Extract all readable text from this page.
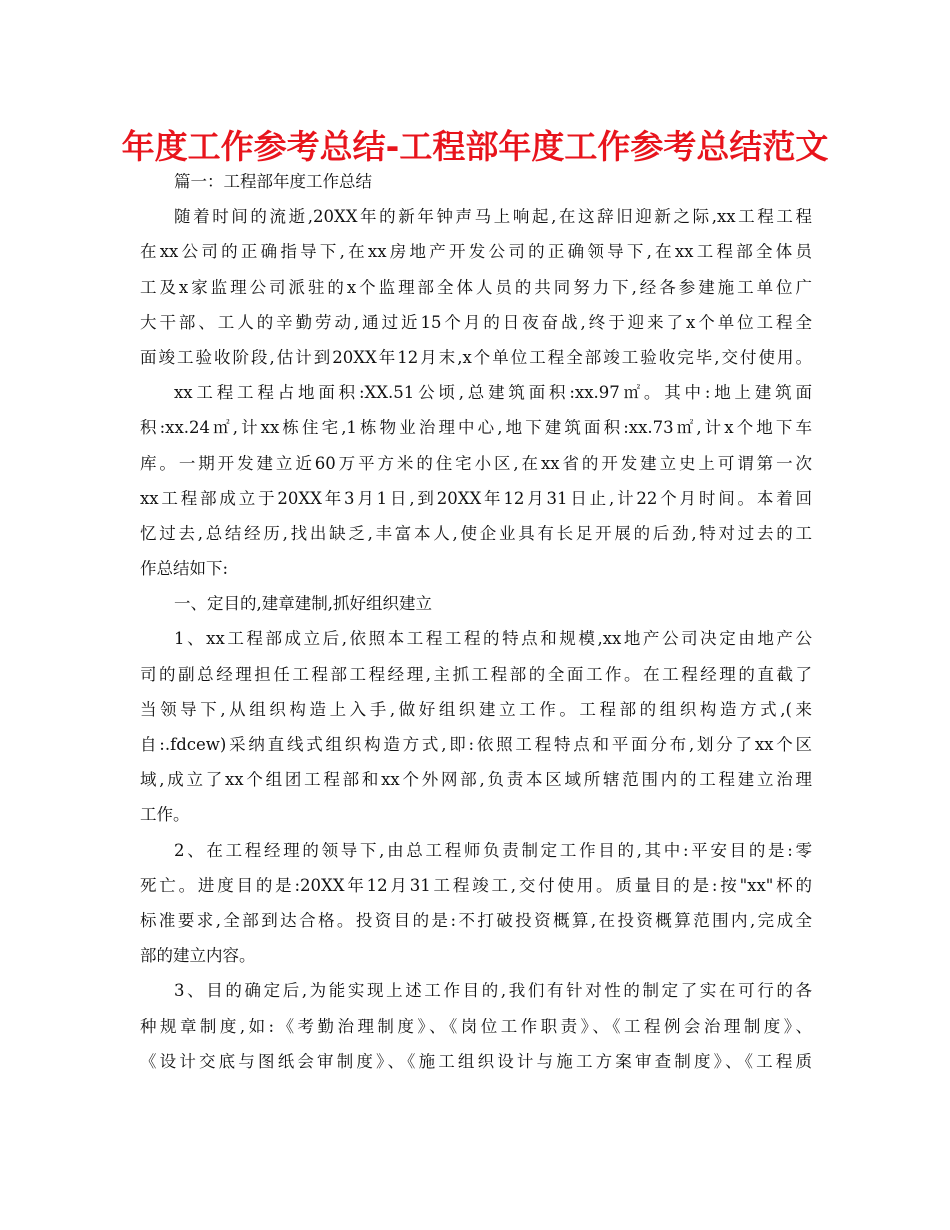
年度工作参考总结-工程部年度工作参考总结范文
篇一：工程部年度工作总结
随着时间的流逝,20XX年的新年钟声马上响起,在这辞旧迎新之际,xx工程工程
在xx公司的正确指导下,在xx房地产开发公司的正确领导下,在xx工程部全体员
工及x家监理公司派驻的x个监理部全体人员的共同努力下,经各参建施工单位广
大干部、工人的辛勤劳动,通过近15个月的日夜奋战,终于迎来了x个单位工程全
面竣工验收阶段,估计到20XX年12月末,x个单位工程全部竣工验收完毕,交付使用。
xx工程工程占地面积:XX.51公顷,总建筑面积:xx.97㎡。其中:地上建筑面
积:xx.24㎡,计xx栋住宅,1栋物业治理中心,地下建筑面积:xx.73㎡,计x个地下车
库。一期开发建立近60万平方米的住宅小区,在xx省的开发建立史上可谓第一次
xx工程部成立于20XX年3月1日,到20XX年12月31日止,计22个月时间。本着回
忆过去,总结经历,找出缺乏,丰富本人,使企业具有长足开展的后劲,特对过去的工
作总结如下:
一、定目的,建章建制,抓好组织建立
1、xx工程部成立后,依照本工程工程的特点和规模,xx地产公司决定由地产公
司的副总经理担任工程部工程经理,主抓工程部的全面工作。在工程经理的直截了
当领导下,从组织构造上入手,做好组织建立工作。工程部的组织构造方式,(来
自:.fdcew)采纳直线式组织构造方式,即:依照工程特点和平面分布,划分了xx个区
域,成立了xx个组团工程部和xx个外网部,负责本区域所辖范围内的工程建立治理
工作。
2、在工程经理的领导下,由总工程师负责制定工作目的,其中:平安目的是:零
死亡。进度目的是:20XX年12月31工程竣工,交付使用。质量目的是:按"xx"杯的
标准要求,全部到达合格。投资目的是:不打破投资概算,在投资概算范围内,完成全
部的建立内容。
3、目的确定后,为能实现上述工作目的,我们有针对性的制定了实在可行的各
种规章制度,如:《考勤治理制度》、《岗位工作职责》、《工程例会治理制度》、
《设计交底与图纸会审制度》、《施工组织设计与施工方案审查制度》、《工程质
